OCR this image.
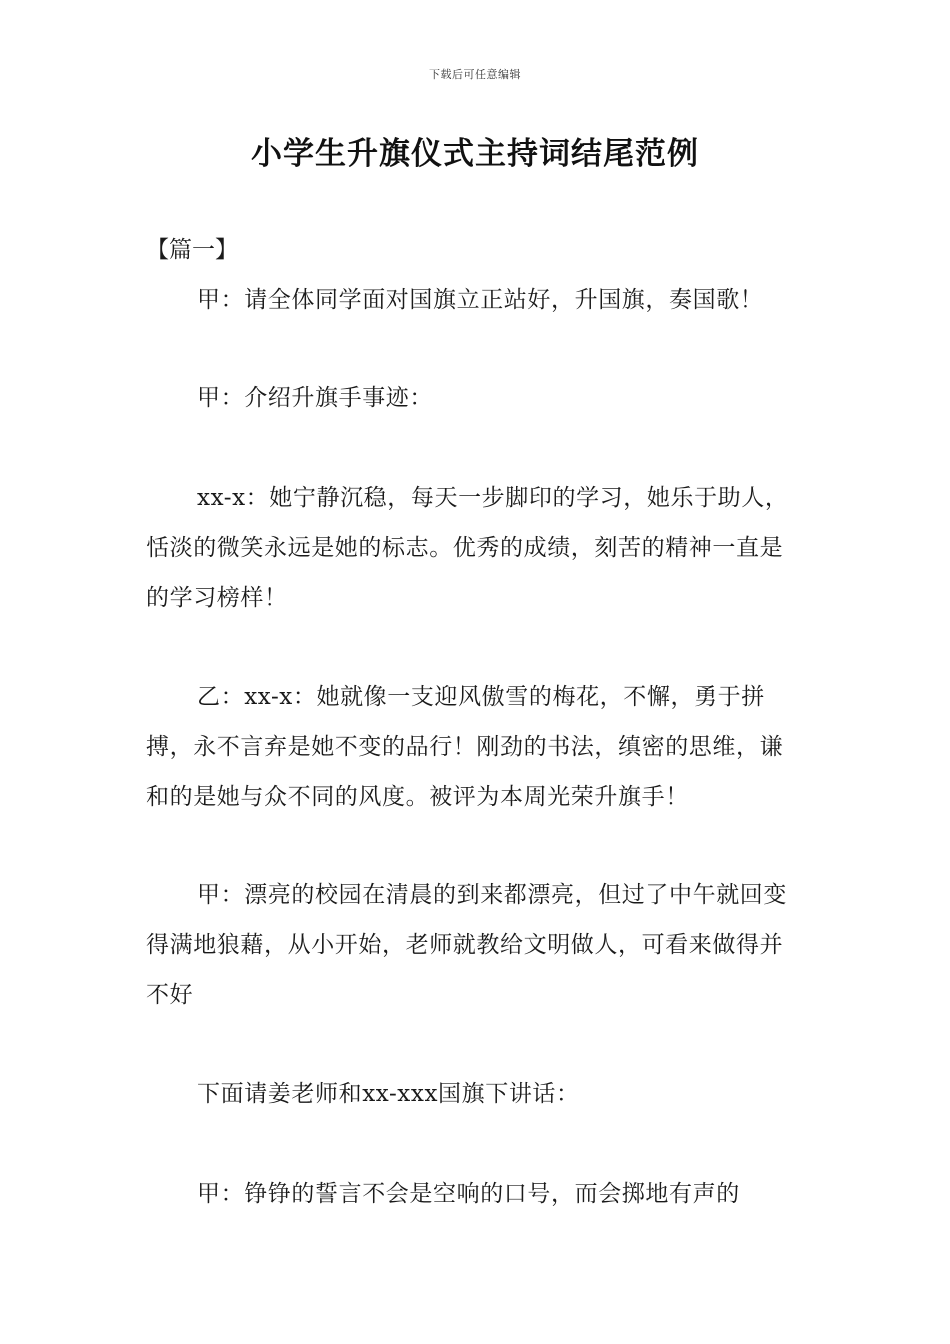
下载后可任意编辑
小学生升旗仪式主持词结尾范例
【篇一】

甲：请全体同学面对国旗立正站好，升国旗，奏国歌！

甲：介绍升旗手事迹：

xx-x：她宁静沉稳，每天一步脚印的学习，她乐于助人，恬淡的微笑永远是她的标志。优秀的成绩，刻苦的精神一直是的学习榜样！

乙：xx-x：她就像一支迎风傲雪的梅花，不懈，勇于拼搏，永不言弃是她不变的品行！刚劲的书法，缜密的思维，谦和的是她与众不同的风度。被评为本周光荣升旗手！

甲：漂亮的校园在清晨的到来都漂亮，但过了中午就回变得满地狼藉，从小开始，老师就教给文明做人，可看来做得并不好

下面请姜老师和xx-xxx国旗下讲话：

甲：铮铮的誓言不会是空响的口号，而会掷地有声的
